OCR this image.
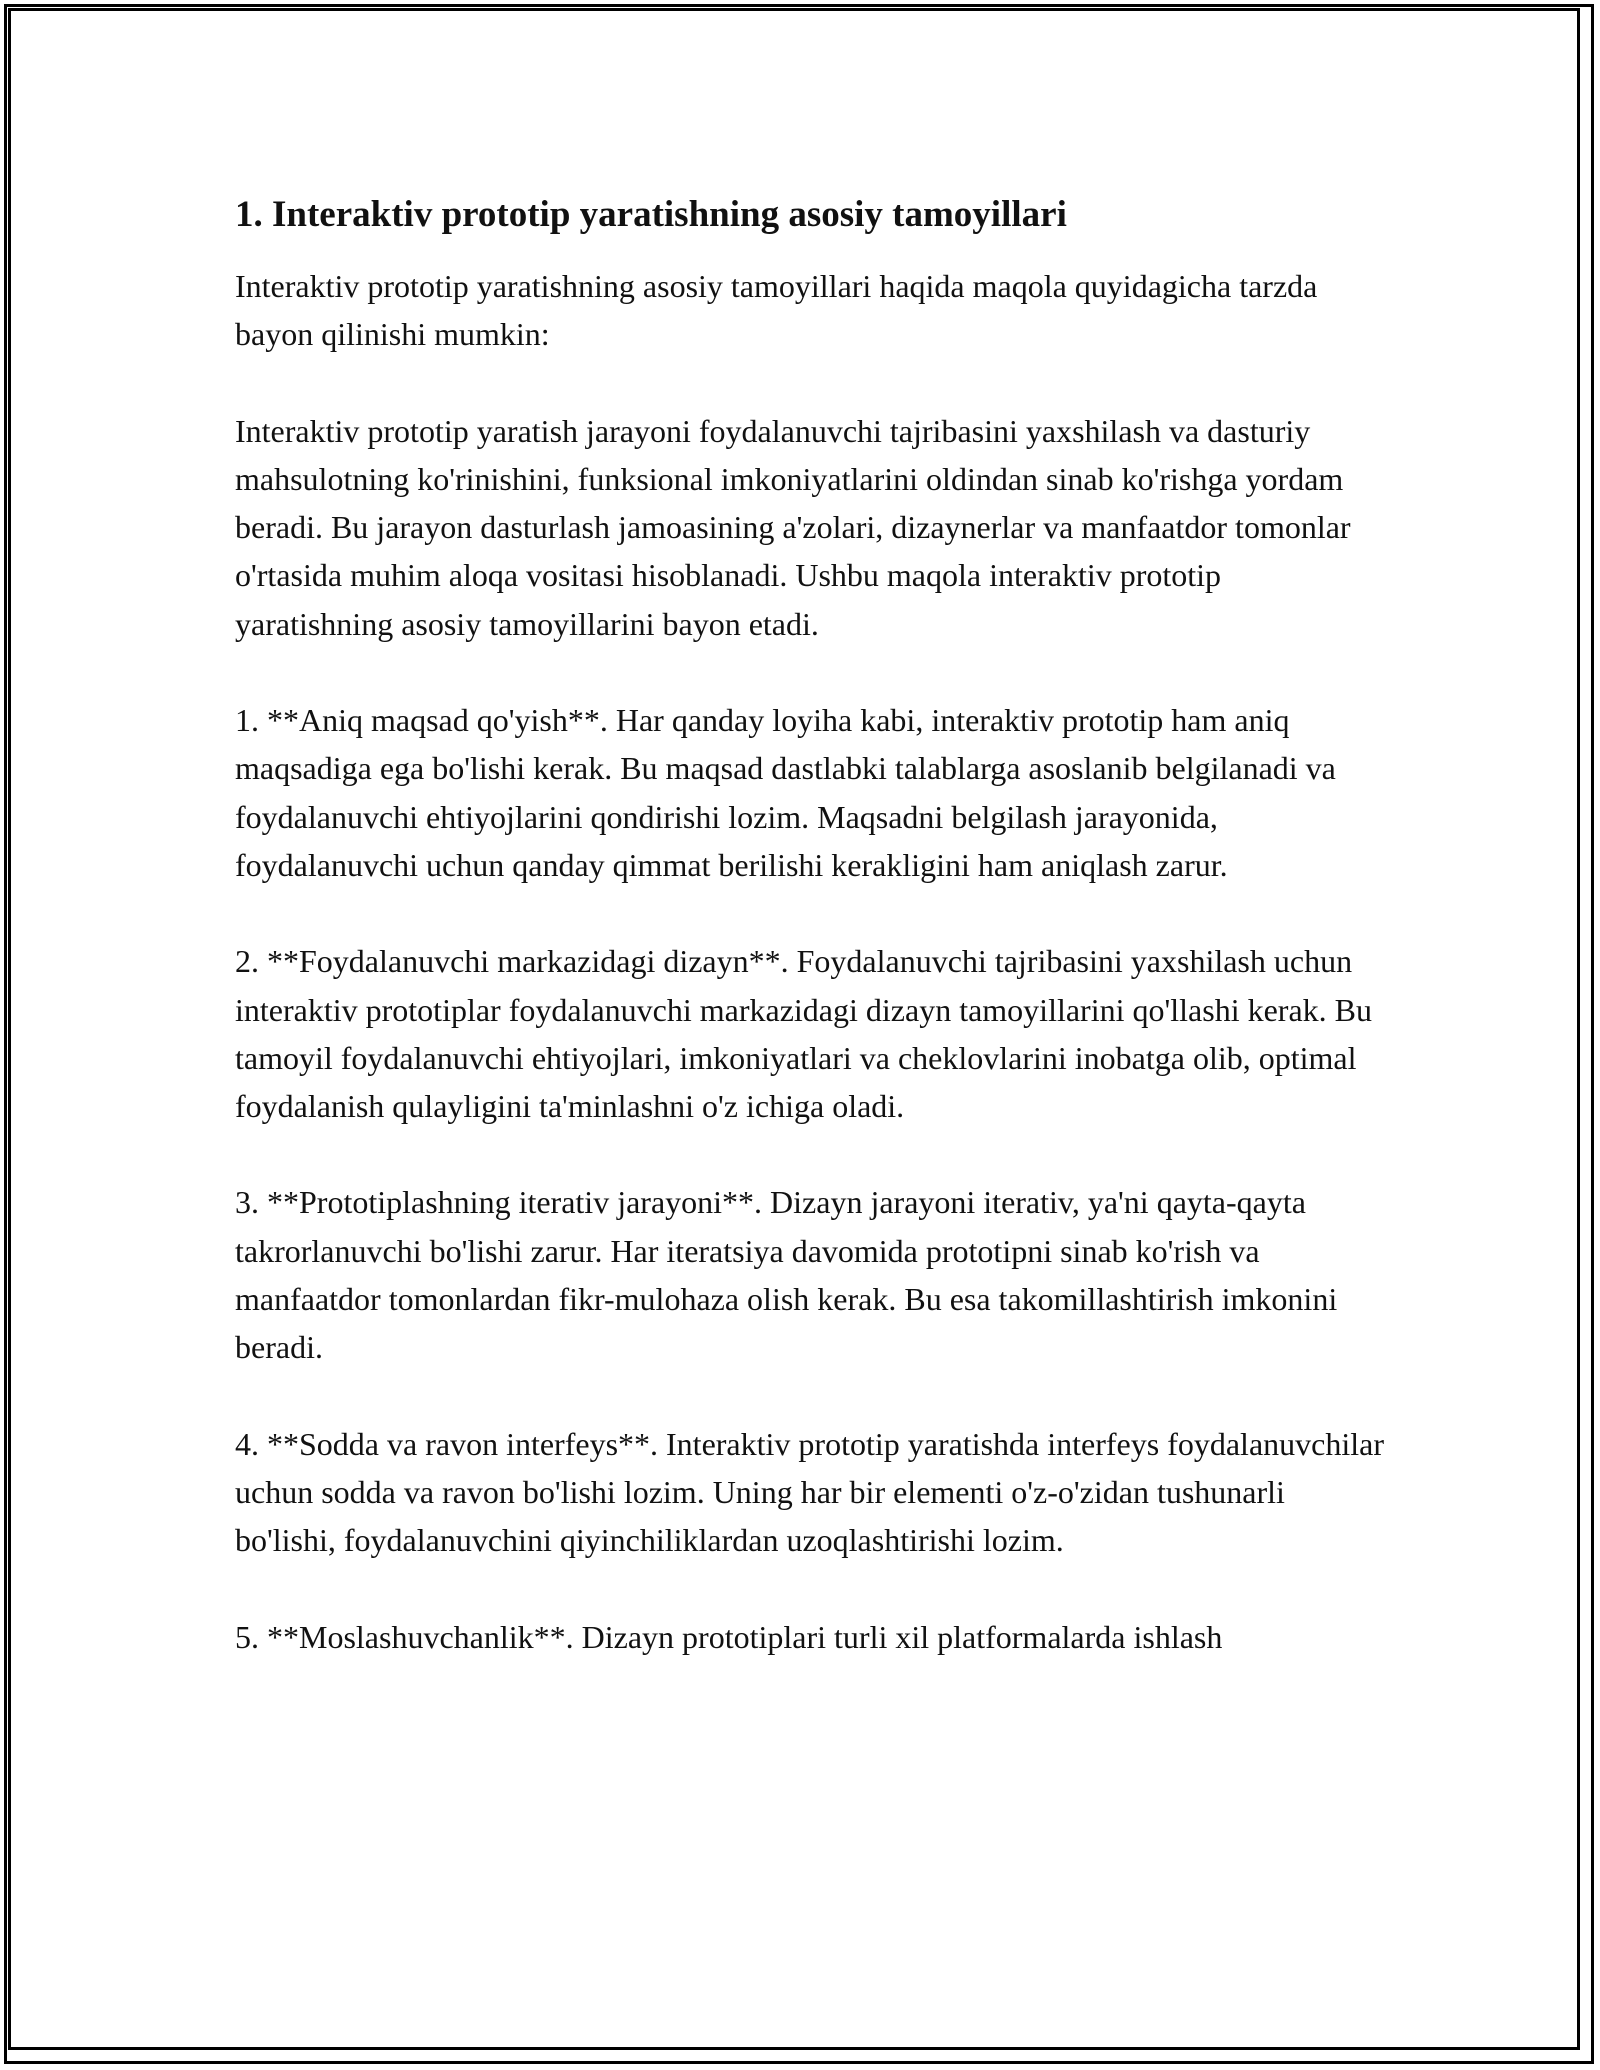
1. Interaktiv prototip yaratishning asosiy tamoyillari

Interaktiv prototip yaratishning asosiy tamoyillari haqida maqola quyidagicha tarzda bayon qilinishi mumkin:

Interaktiv prototip yaratish jarayoni foydalanuvchi tajribasini yaxshilash va dasturiy mahsulotning ko'rinishini, funksional imkoniyatlarini oldindan sinab ko'rishga yordam beradi. Bu jarayon dasturlash jamoasining a'zolari, dizaynerlar va manfaatdor tomonlar o'rtasida muhim aloqa vositasi hisoblanadi. Ushbu maqola interaktiv prototip yaratishning asosiy tamoyillarini bayon etadi.

1. **Aniq maqsad qo'yish**. Har qanday loyiha kabi, interaktiv prototip ham aniq maqsadiga ega bo'lishi kerak. Bu maqsad dastlabki talablarga asoslanib belgilanadi va foydalanuvchi ehtiyojlarini qondirishi lozim. Maqsadni belgilash jarayonida, foydalanuvchi uchun qanday qimmat berilishi kerakligini ham aniqlash zarur.

2. **Foydalanuvchi markazidagi dizayn**. Foydalanuvchi tajribasini yaxshilash uchun interaktiv prototiplar foydalanuvchi markazidagi dizayn tamoyillarini qo'llashi kerak. Bu tamoyil foydalanuvchi ehtiyojlari, imkoniyatlari va cheklovlarini inobatga olib, optimal foydalanish qulayligini ta'minlashni o'z ichiga oladi.

3. **Prototiplashning iterativ jarayoni**. Dizayn jarayoni iterativ, ya'ni qayta-qayta takrorlanuvchi bo'lishi zarur. Har iteratsiya davomida prototipni sinab ko'rish va manfaatdor tomonlardan fikr-mulohaza olish kerak. Bu esa takomillashtirish imkonini beradi.

4. **Sodda va ravon interfeys**. Interaktiv prototip yaratishda interfeys foydalanuvchilar uchun sodda va ravon bo'lishi lozim. Uning har bir elementi o'z-o'zidan tushunarli bo'lishi, foydalanuvchini qiyinchiliklardan uzoqlashtirishi lozim.

5. **Moslashuvchanlik**. Dizayn prototiplari turli xil platformalarda ishlash
